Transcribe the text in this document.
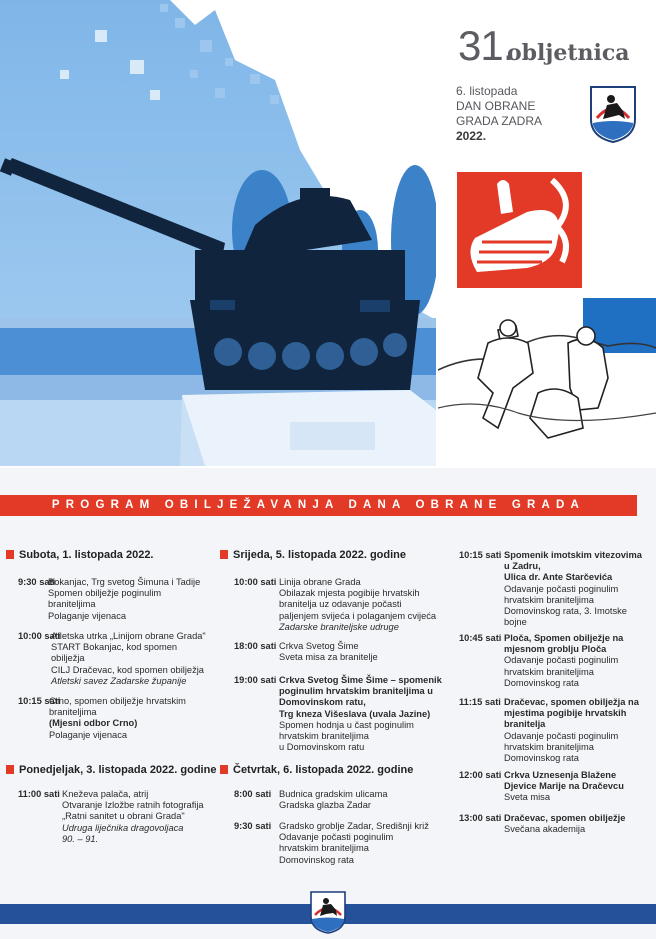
31.
obljetnica
6. listopada
DAN OBRANE
GRADA ZADRA
2022.
PROGRAM OBILJEŽAVANJA DANA OBRANE GRADA
Subota, 1. listopada 2022.
9:30 sati
Bokanjac, Trg svetog Šimuna i Tadije
Spomen obilježje poginulim
braniteljima
Polaganje vijenaca
10:00 sati
Atletska utrka „Linijom obrane Grada"
START Bokanjac, kod spomen
obilježja
CILJ Dračevac, kod spomen obilježja
Atletski savez Zadarske županije
10:15 sati
Crno, spomen obilježje hrvatskim
braniteljima
(Mjesni odbor Crno)
Polaganje vijenaca
Ponedjeljak, 3. listopada 2022. godine
11:00 sati Kneževa palača, atrij
Otvaranje Izložbe ratnih fotografija
„Ratni sanitet u obrani Grada"
Udruga liječnika dragovoljaca
90. – 91.
Srijeda, 5. listopada 2022. godine
10:00 sati Linija obrane Grada
Obilazak mjesta pogibije hrvatskih
branitelja uz odavanje počasti
paljenjem svijeća i polaganjem cvijeća
Zadarske braniteljske udruge
18:00 sati Crkva Svetog Šime
Sveta misa za branitelje
19:00 sati Crkva Svetog Šime Šime – spomenik
poginulim hrvatskim braniteljima u
Domovinskom ratu,
Trg kneza Višeslava (uvala Jazine)
Spomen hodnja u čast poginulim
hrvatskim braniteljima
u Domovinskom ratu
Četvrtak, 6. listopada 2022. godine
8:00 sati Budnica gradskim ulicama
Gradska glazba Zadar
9:30 sati Gradsko groblje Zadar, Središnji križ
Odavanje počasti poginulim
hrvatskim braniteljima
Domovinskog rata
10:15 sati Spomenik imotskim vitezovima
u Zadru,
Ulica dr. Ante Starčevića
Odavanje počasti poginulim
hrvatskim braniteljima
Domovinskog rata, 3. Imotske
bojne
10:45 sati Ploča, Spomen obilježje na
mjesnom groblju Ploča
Odavanje počasti poginulim
hrvatskim braniteljima
Domovinskog rata
11:15 sati Dračevac, spomen obilježja na
mjestima pogibije hrvatskih
branitelja
Odavanje počasti poginulim
hrvatskim braniteljima
Domovinskog rata
12:00 sati Crkva Uznesenja Blažene
Djevice Marije na Dračevcu
Sveta misa
13:00 sati Dračevac, spomen obilježje
Svečana akademija
